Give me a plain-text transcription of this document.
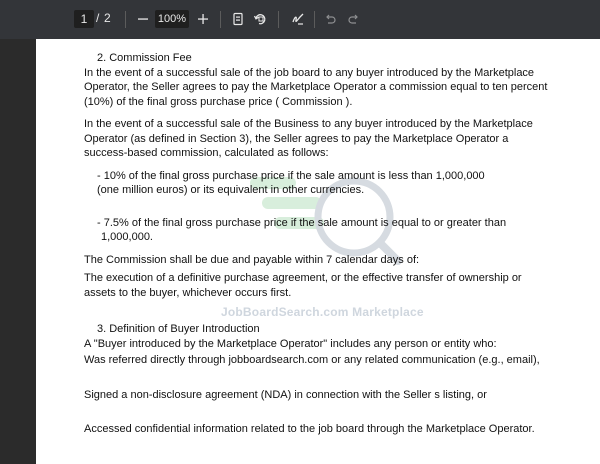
1 / 2	100%
JobBoardSearch.com Marketplace

2. Commission Fee

In the event of a successful sale of the job board to any buyer introduced by the Marketplace Operator, the Seller agrees to pay the Marketplace Operator a commission equal to ten percent (10%) of the final gross purchase price ( Commission ).

In the event of a successful sale of the Business to any buyer introduced by the Marketplace Operator (as defined in Section 3), the Seller agrees to pay the Marketplace Operator a success-based commission, calculated as follows:

- 10% of the final gross purchase price if the sale amount is less than 1,000,000

(one million euros) or its equivalent in other currencies.

- 7.5% of the final gross purchase price if the sale amount is equal to or greater than

1,000,000.

The Commission shall be due and payable within 7 calendar days of:

The execution of a definitive purchase agreement, or the effective transfer of ownership or assets to the buyer, whichever occurs first.

3. Definition of Buyer Introduction

A "Buyer introduced by the Marketplace Operator" includes any person or entity who:

Was referred directly through jobboardsearch.com or any related communication (e.g., email),

Signed a non-disclosure agreement (NDA) in connection with the Seller s listing, or

Accessed confidential information related to the job board through the Marketplace Operator.
